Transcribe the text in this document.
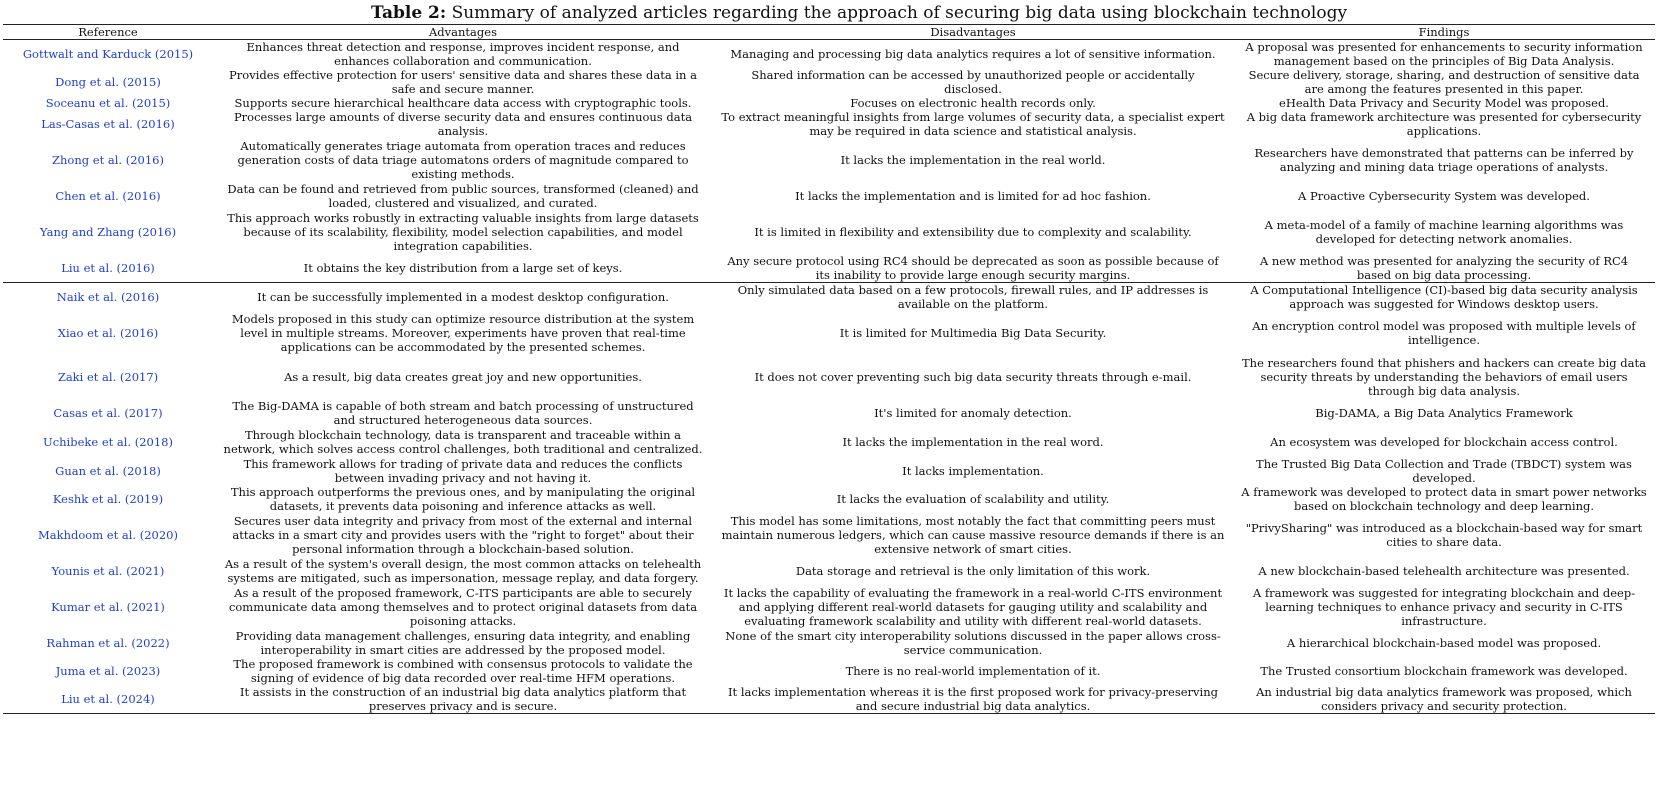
Table 2: Summary of analyzed articles regarding the approach of securing big data using blockchain technology
Reference	Advantages	Disadvantages	Findings
Gottwalt and Karduck (2015)	Enhances threat detection and response, improves incident response, and enhances collaboration and communication.	Managing and processing big data analytics requires a lot of sensitive information.	A proposal was presented for enhancements to security information management based on the principles of Big Data Analysis.
Dong et al. (2015)	Provides effective protection for users' sensitive data and shares these data in a safe and secure manner.	Shared information can be accessed by unauthorized people or accidentally disclosed.	Secure delivery, storage, sharing, and destruction of sensitive data are among the features presented in this paper.
Soceanu et al. (2015)	Supports secure hierarchical healthcare data access with cryptographic tools.	Focuses on electronic health records only.	eHealth Data Privacy and Security Model was proposed.
Las-Casas et al. (2016)	Processes large amounts of diverse security data and ensures continuous data analysis.	To extract meaningful insights from large volumes of security data, a specialist expert may be required in data science and statistical analysis.	A big data framework architecture was presented for cybersecurity applications.
Zhong et al. (2016)	Automatically generates triage automata from operation traces and reduces generation costs of data triage automatons orders of magnitude compared to existing methods.	It lacks the implementation in the real world.	Researchers have demonstrated that patterns can be inferred by analyzing and mining data triage operations of analysts.
Chen et al. (2016)	Data can be found and retrieved from public sources, transformed (cleaned) and loaded, clustered and visualized, and curated.	It lacks the implementation and is limited for ad hoc fashion.	A Proactive Cybersecurity System was developed.
Yang and Zhang (2016)	This approach works robustly in extracting valuable insights from large datasets because of its scalability, flexibility, model selection capabilities, and model integration capabilities.	It is limited in flexibility and extensibility due to complexity and scalability.	A meta-model of a family of machine learning algorithms was developed for detecting network anomalies.
Liu et al. (2016)	It obtains the key distribution from a large set of keys.	Any secure protocol using RC4 should be deprecated as soon as possible because of its inability to provide large enough security margins.	A new method was presented for analyzing the security of RC4 based on big data processing.
Naik et al. (2016)	It can be successfully implemented in a modest desktop configuration.	Only simulated data based on a few protocols, firewall rules, and IP addresses is available on the platform.	A Computational Intelligence (CI)-based big data security analysis approach was suggested for Windows desktop users.
Xiao et al. (2016)	Models proposed in this study can optimize resource distribution at the system level in multiple streams. Moreover, experiments have proven that real-time applications can be accommodated by the presented schemes.	It is limited for Multimedia Big Data Security.	An encryption control model was proposed with multiple levels of intelligence.
Zaki et al. (2017)	As a result, big data creates great joy and new opportunities.	It does not cover preventing such big data security threats through e-mail.	The researchers found that phishers and hackers can create big data security threats by understanding the behaviors of email users through big data analysis.
Casas et al. (2017)	The Big-DAMA is capable of both stream and batch processing of unstructured and structured heterogeneous data sources.	It's limited for anomaly detection.	Big-DAMA, a Big Data Analytics Framework
Uchibeke et al. (2018)	Through blockchain technology, data is transparent and traceable within a network, which solves access control challenges, both traditional and centralized.	It lacks the implementation in the real word.	An ecosystem was developed for blockchain access control.
Guan et al. (2018)	This framework allows for trading of private data and reduces the conflicts between invading privacy and not having it.	It lacks implementation.	The Trusted Big Data Collection and Trade (TBDCT) system was developed.
Keshk et al. (2019)	This approach outperforms the previous ones, and by manipulating the original datasets, it prevents data poisoning and inference attacks as well.	It lacks the evaluation of scalability and utility.	A framework was developed to protect data in smart power networks based on blockchain technology and deep learning.
Makhdoom et al. (2020)	Secures user data integrity and privacy from most of the external and internal attacks in a smart city and provides users with the "right to forget" about their personal information through a blockchain-based solution.	This model has some limitations, most notably the fact that committing peers must maintain numerous ledgers, which can cause massive resource demands if there is an extensive network of smart cities.	"PrivySharing" was introduced as a blockchain-based way for smart cities to share data.
Younis et al. (2021)	As a result of the system's overall design, the most common attacks on telehealth systems are mitigated, such as impersonation, message replay, and data forgery.	Data storage and retrieval is the only limitation of this work.	A new blockchain-based telehealth architecture was presented.
Kumar et al. (2021)	As a result of the proposed framework, C-ITS participants are able to securely communicate data among themselves and to protect original datasets from data poisoning attacks.	It lacks the capability of evaluating the framework in a real-world C-ITS environment and applying different real-world datasets for gauging utility and scalability and evaluating framework scalability and utility with different real-world datasets.	A framework was suggested for integrating blockchain and deep-learning techniques to enhance privacy and security in C-ITS infrastructure.
Rahman et al. (2022)	Providing data management challenges, ensuring data integrity, and enabling interoperability in smart cities are addressed by the proposed model.	None of the smart city interoperability solutions discussed in the paper allows cross-service communication.	A hierarchical blockchain-based model was proposed.
Juma et al. (2023)	The proposed framework is combined with consensus protocols to validate the signing of evidence of big data recorded over real-time HFM operations.	There is no real-world implementation of it.	The Trusted consortium blockchain framework was developed.
Liu et al. (2024)	It assists in the construction of an industrial big data analytics platform that preserves privacy and is secure.	It lacks implementation whereas it is the first proposed work for privacy-preserving and secure industrial big data analytics.	An industrial big data analytics framework was proposed, which considers privacy and security protection.
